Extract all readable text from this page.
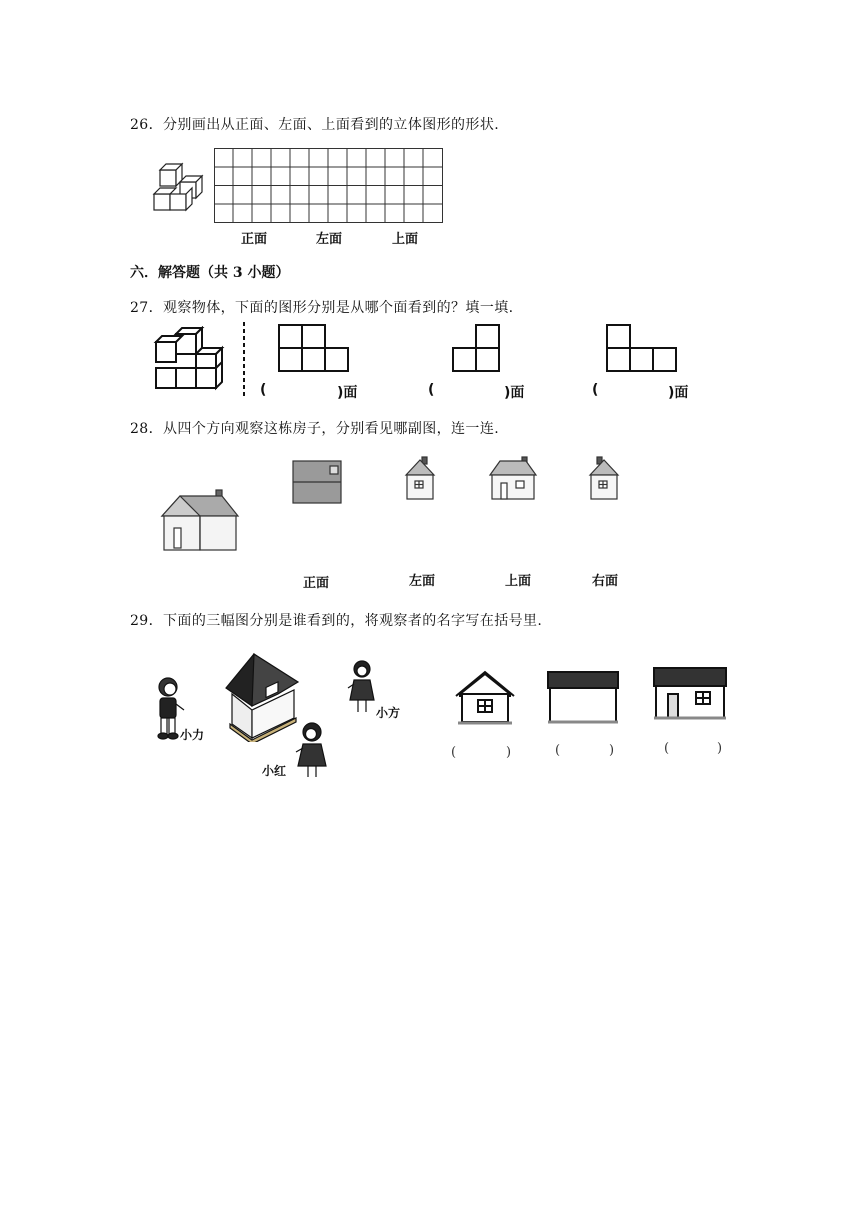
26．分别画出从正面、左面、上面看到的立体图形的形状.
正面	左面	上面
六．解答题（共 3 小题）
27．观察物体，下面的图形分别是从哪个面看到的？填一填.
(	)面	(	)面	(	)面
28．从四个方向观察这栋房子，分别看见哪副图，连一连.
正面	左面	上面	右面
29．下面的三幅图分别是谁看到的，将观察者的名字写在括号里.
小力
小方
小红
(	)	(	)	(	)
